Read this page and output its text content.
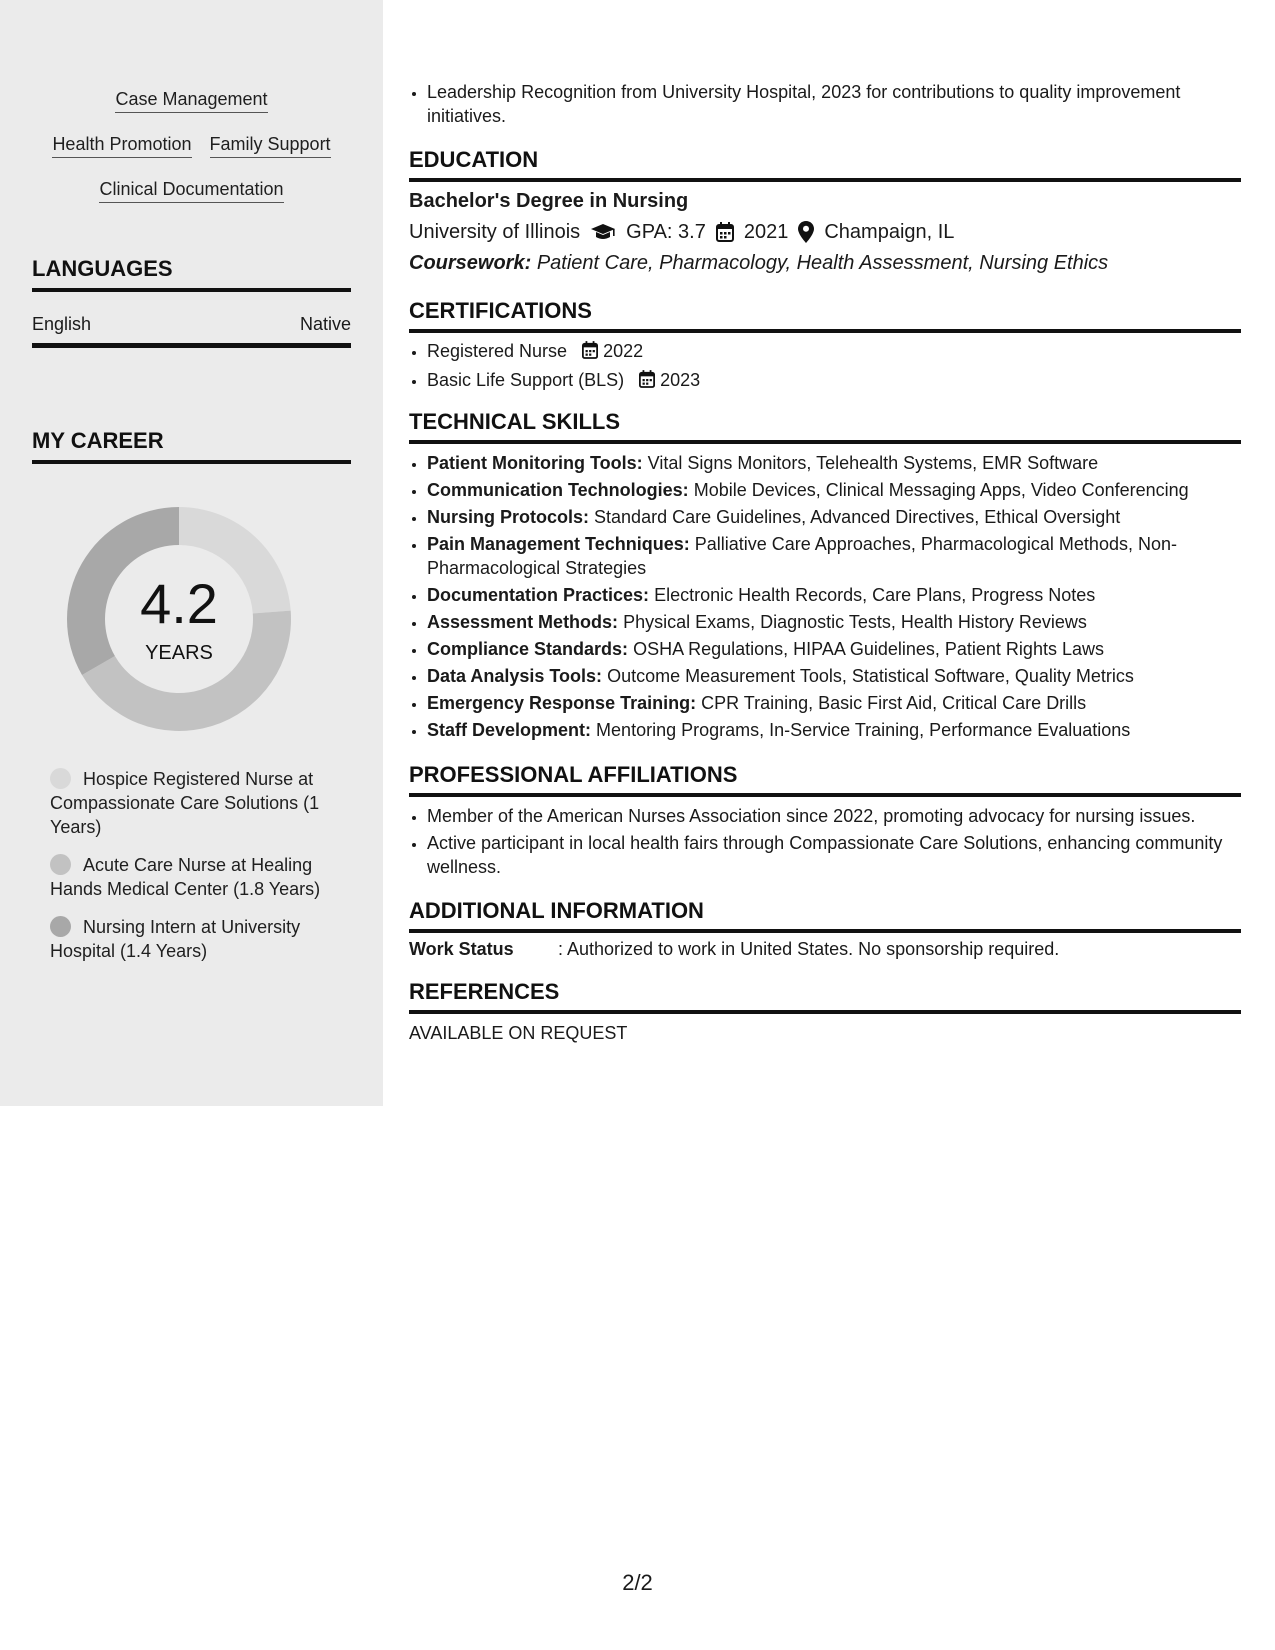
Case Management
Health Promotion Family Support
Clinical Documentation
LANGUAGES
English	Native
MY CAREER
4.2
YEARS
Hospice Registered Nurse at Compassionate Care Solutions (1 Years)
Acute Care Nurse at Healing Hands Medical Center (1.8 Years)
Nursing Intern at University Hospital (1.4 Years)
• Leadership Recognition from University Hospital, 2023 for contributions to quality improvement initiatives.
EDUCATION
Bachelor's Degree in Nursing
University of Illinois GPA: 3.7 2021 Champaign, IL
Coursework: Patient Care, Pharmacology, Health Assessment, Nursing Ethics
CERTIFICATIONS
• Registered Nurse 2022
• Basic Life Support (BLS) 2023
TECHNICAL SKILLS
• Patient Monitoring Tools: Vital Signs Monitors, Telehealth Systems, EMR Software
• Communication Technologies: Mobile Devices, Clinical Messaging Apps, Video Conferencing
• Nursing Protocols: Standard Care Guidelines, Advanced Directives, Ethical Oversight
• Pain Management Techniques: Palliative Care Approaches, Pharmacological Methods, Non-Pharmacological Strategies
• Documentation Practices: Electronic Health Records, Care Plans, Progress Notes
• Assessment Methods: Physical Exams, Diagnostic Tests, Health History Reviews
• Compliance Standards: OSHA Regulations, HIPAA Guidelines, Patient Rights Laws
• Data Analysis Tools: Outcome Measurement Tools, Statistical Software, Quality Metrics
• Emergency Response Training: CPR Training, Basic First Aid, Critical Care Drills
• Staff Development: Mentoring Programs, In-Service Training, Performance Evaluations
PROFESSIONAL AFFILIATIONS
• Member of the American Nurses Association since 2022, promoting advocacy for nursing issues.
• Active participant in local health fairs through Compassionate Care Solutions, enhancing community wellness.
ADDITIONAL INFORMATION
Work Status	: Authorized to work in United States. No sponsorship required.
REFERENCES
AVAILABLE ON REQUEST
2/2
